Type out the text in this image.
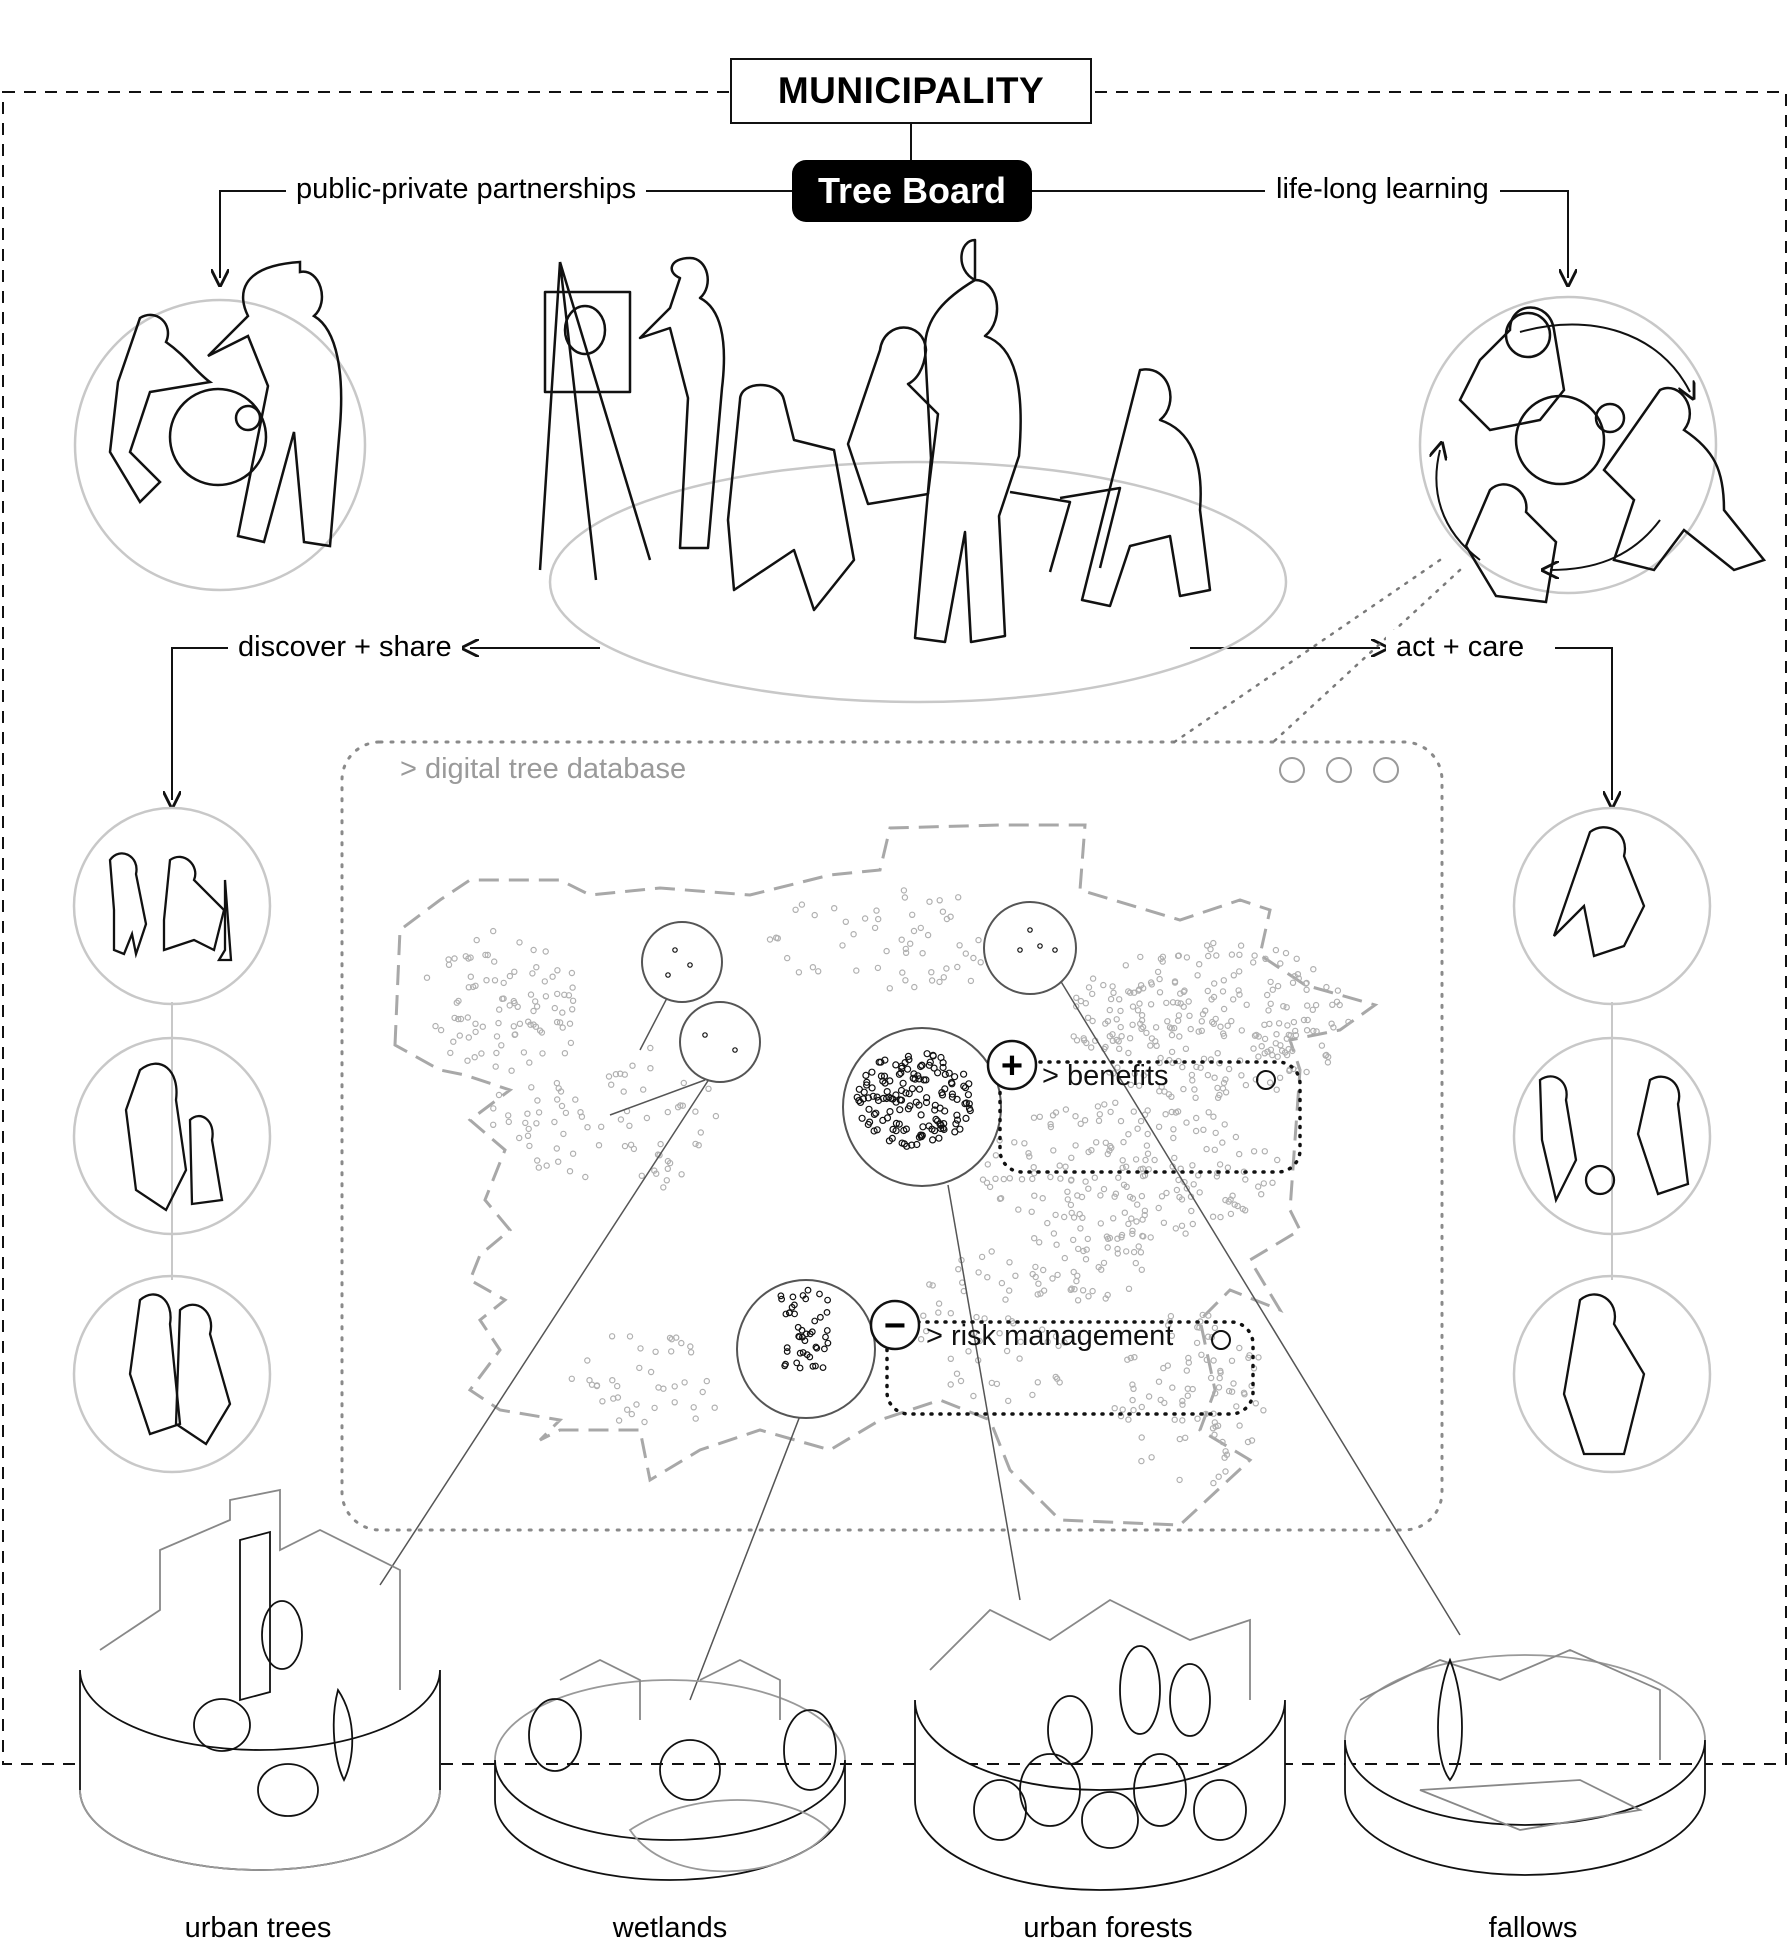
+
−
MUNICIPALITY
Tree Board
public-private partnerships	life-long learning
discover + share	act + care
> digital tree database
> benefits
> risk management
urban trees	wetlands	urban forests	fallows
